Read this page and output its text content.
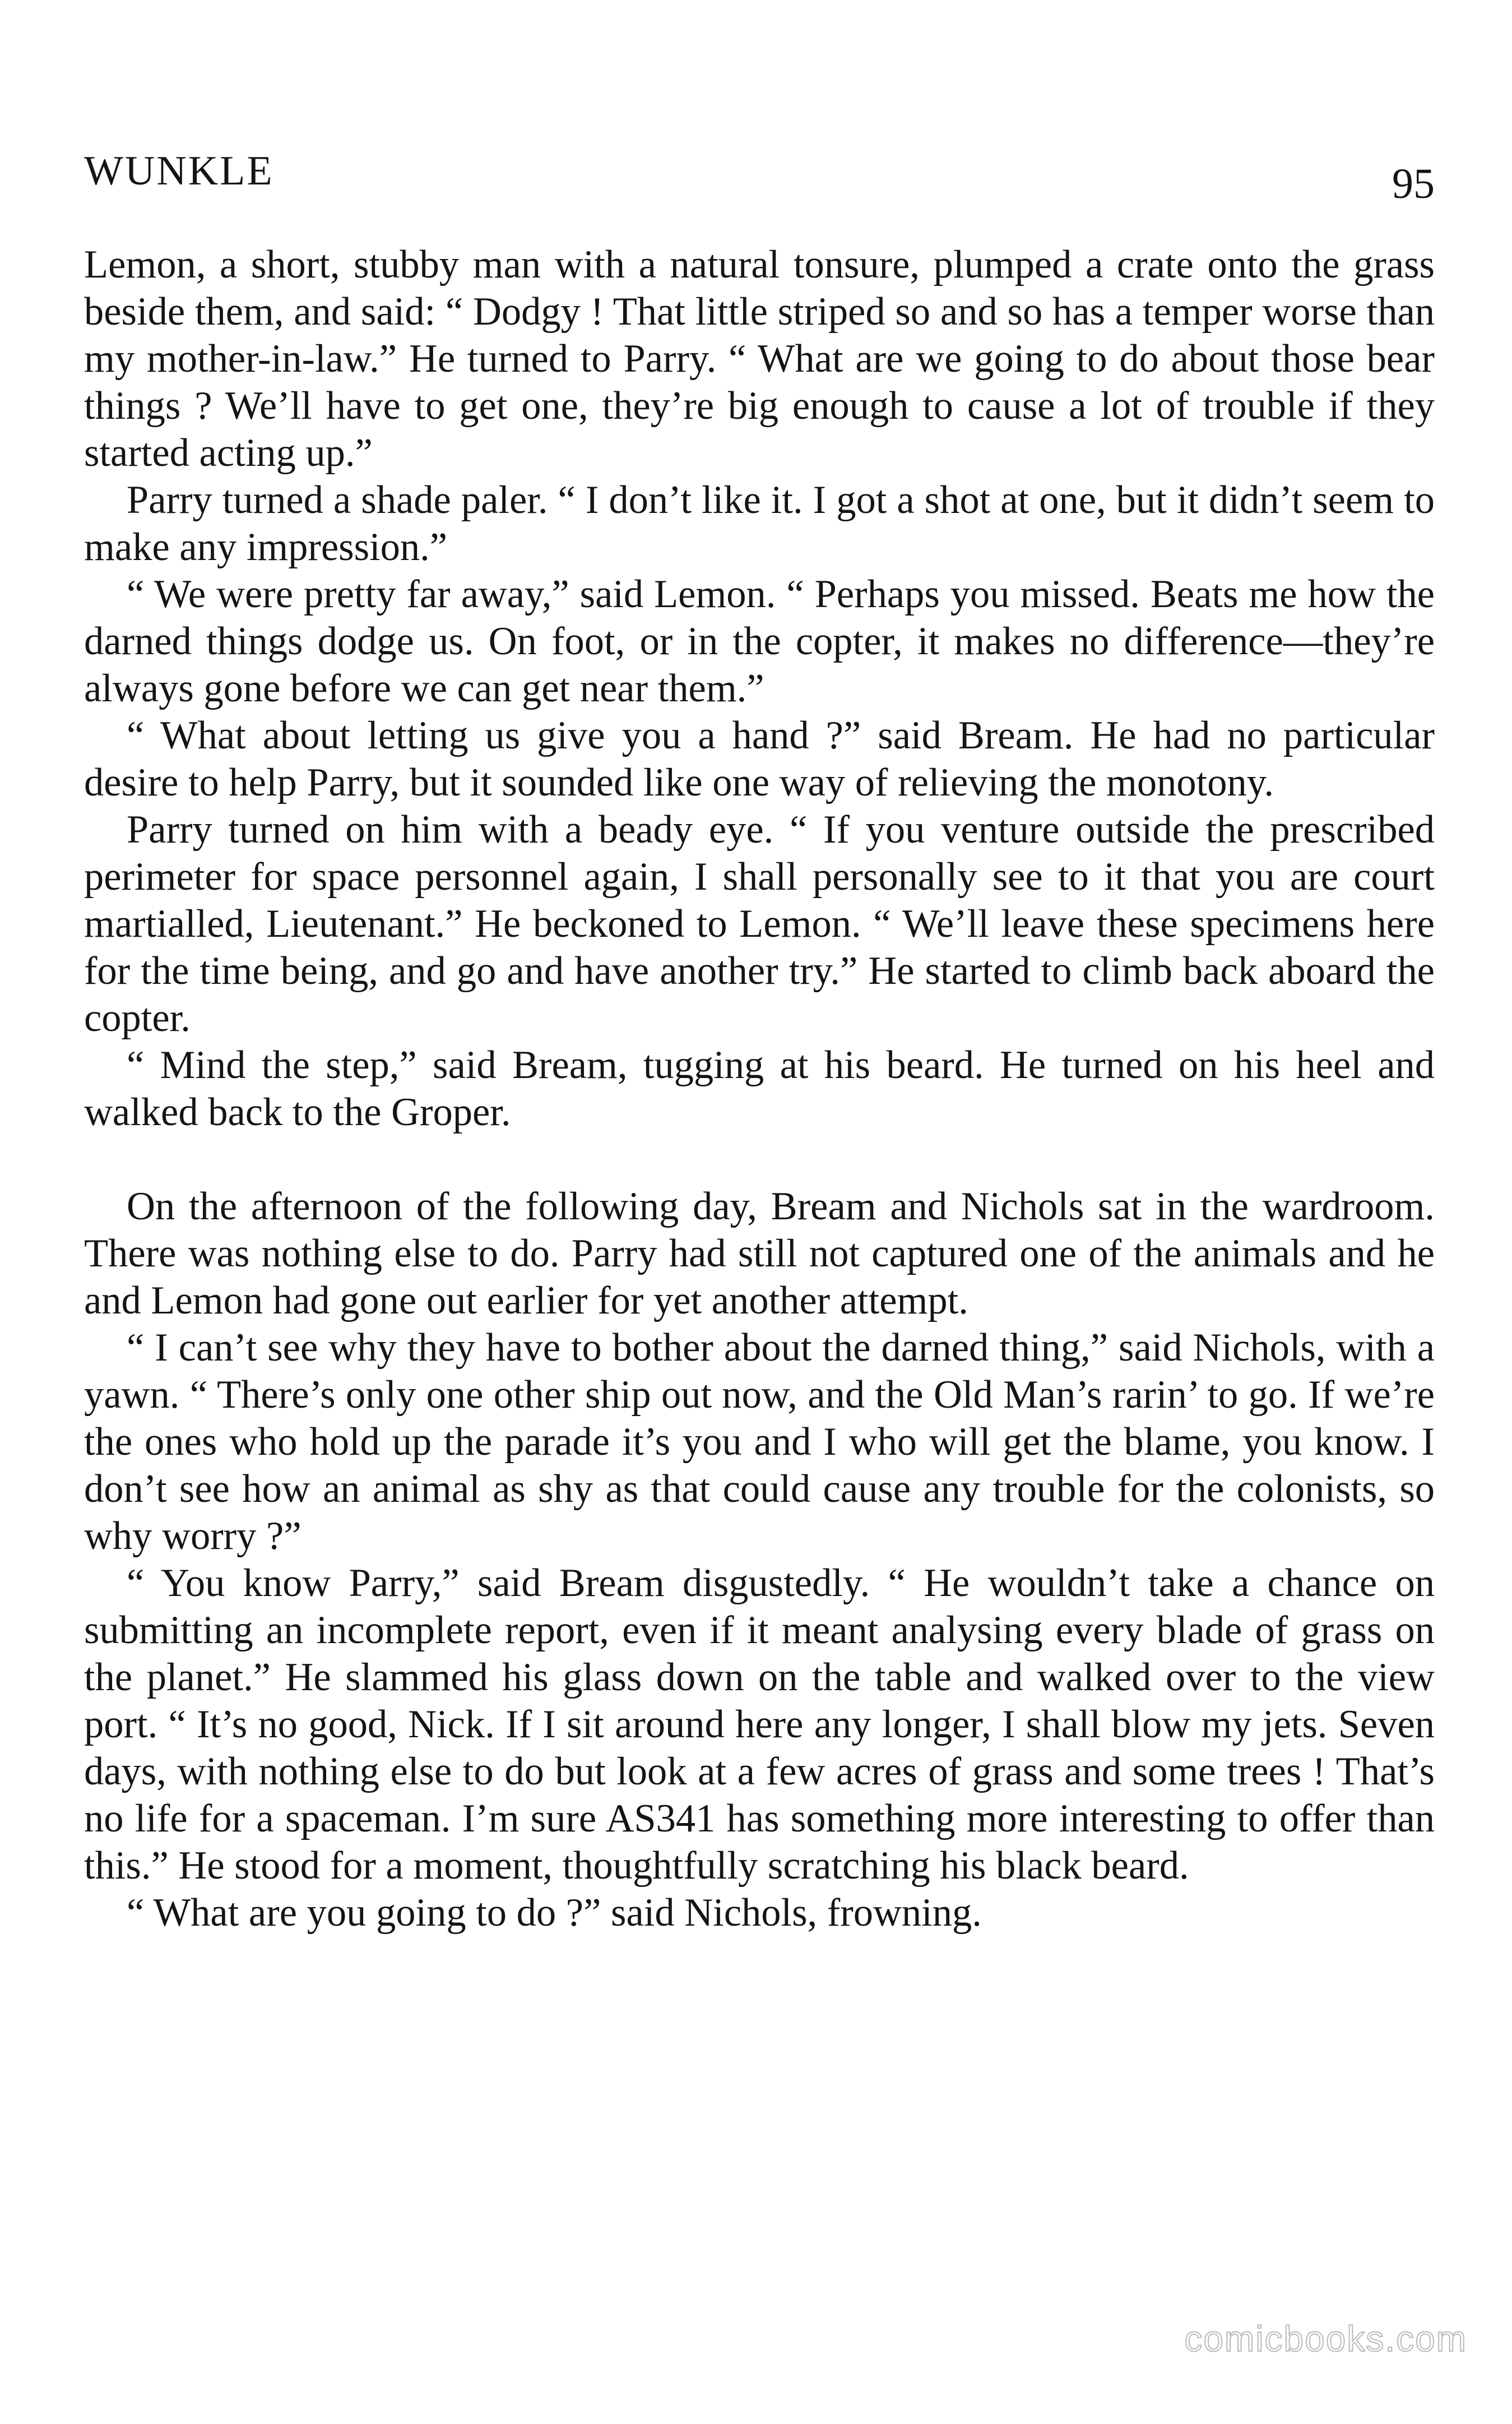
WUNKLE	95

Lemon, a short, stubby man with a natural tonsure, plumped a crate onto the grass beside them, and said: “ Dodgy ! That little striped so and so has a temper worse than my mother-in-law.” He turned to Parry. “ What are we going to do about those bear things ? We’ll have to get one, they’re big enough to cause a lot of trouble if they started acting up.”

Parry turned a shade paler. “ I don’t like it. I got a shot at one, but it didn’t seem to make any impression.”

“ We were pretty far away,” said Lemon. “ Perhaps you missed. Beats me how the darned things dodge us. On foot, or in the copter, it makes no difference—they’re always gone before we can get near them.”

“ What about letting us give you a hand ?” said Bream. He had no particular desire to help Parry, but it sounded like one way of relieving the monotony.

Parry turned on him with a beady eye. “ If you venture outside the prescribed perimeter for space personnel again, I shall personally see to it that you are court martialled, Lieutenant.” He beckoned to Lemon. “ We’ll leave these specimens here for the time being, and go and have another try.” He started to climb back aboard the copter.

“ Mind the step,” said Bream, tugging at his beard. He turned on his heel and walked back to the Groper.

On the afternoon of the following day, Bream and Nichols sat in the wardroom. There was nothing else to do. Parry had still not captured one of the animals and he and Lemon had gone out earlier for yet another attempt.

“ I can’t see why they have to bother about the darned thing,” said Nichols, with a yawn. “ There’s only one other ship out now, and the Old Man’s rarin’ to go. If we’re the ones who hold up the parade it’s you and I who will get the blame, you know. I don’t see how an animal as shy as that could cause any trouble for the colonists, so why worry ?”

“ You know Parry,” said Bream disgustedly. “ He wouldn’t take a chance on submitting an incomplete report, even if it meant analysing every blade of grass on the planet.” He slammed his glass down on the table and walked over to the view port. “ It’s no good, Nick. If I sit around here any longer, I shall blow my jets. Seven days, with nothing else to do but look at a few acres of grass and some trees ! That’s no life for a spaceman. I’m sure AS341 has something more interesting to offer than this.” He stood for a moment, thoughtfully scratching his black beard.

“ What are you going to do ?” said Nichols, frowning.

comicbooks.com
